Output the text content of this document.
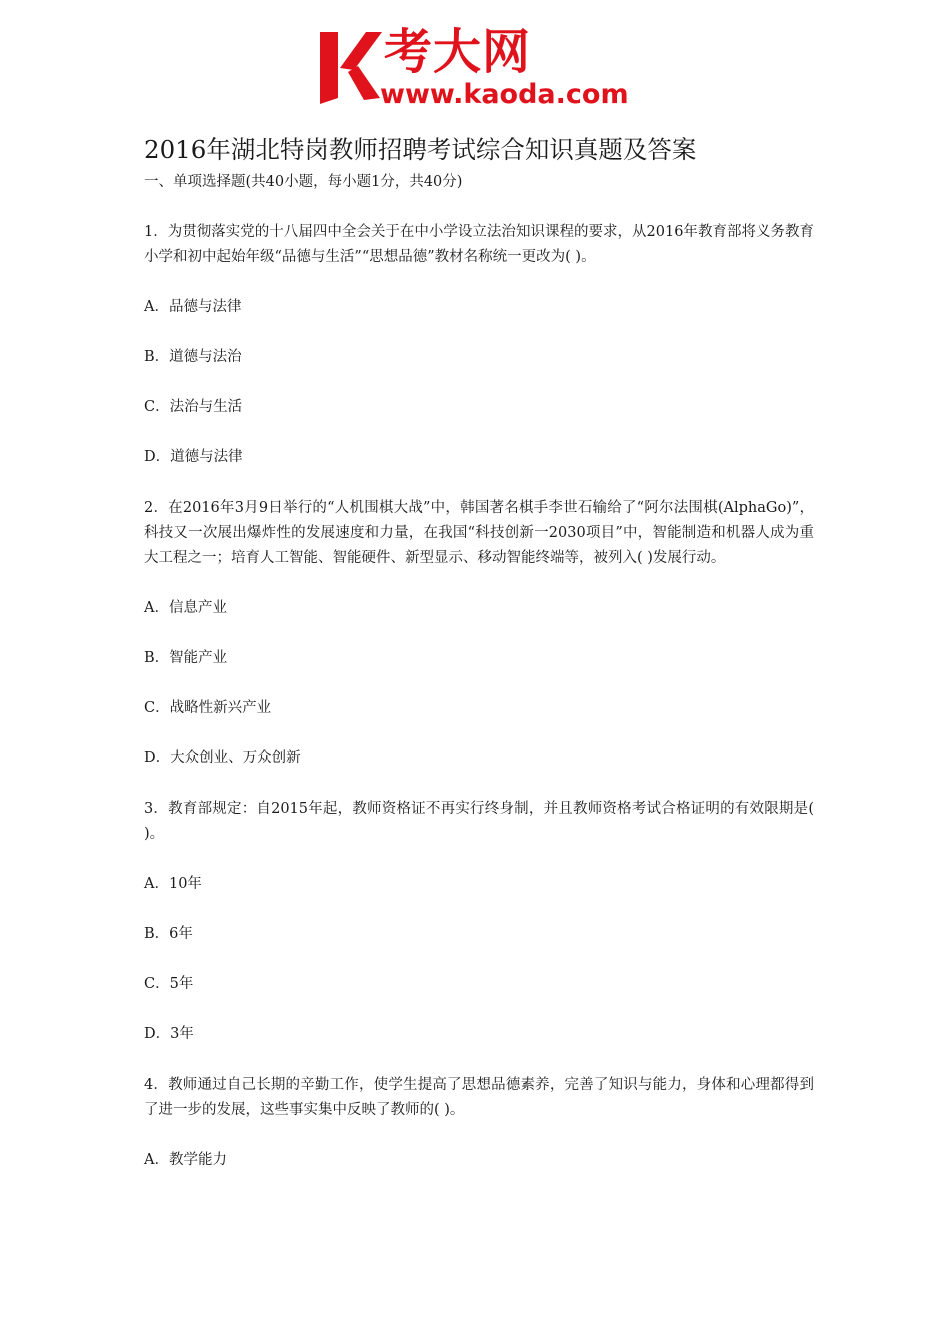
考大网
www.kaoda.com
2016年湖北特岗教师招聘考试综合知识真题及答案

一、单项选择题(共40小题，每小题1分，共40分)

1．为贯彻落实党的十八届四中全会关于在中小学设立法治知识课程的要求，从2016年教育部将义务教育小学和初中起始年级“品德与生活”“思想品德”教材名称统一更改为( )。

A．品德与法律

B．道德与法治

C．法治与生活

D．道德与法律

2．在2016年3月9日举行的“人机围棋大战”中，韩国著名棋手李世石输给了“阿尔法围棋(AlphaGo)”，科技又一次展出爆炸性的发展速度和力量，在我国“科技创新一2030项目”中，智能制造和机器人成为重大工程之一；培育人工智能、智能硬件、新型显示、移动智能终端等，被列入( )发展行动。

A．信息产业

B．智能产业

C．战略性新兴产业

D．大众创业、万众创新

3．教育部规定：自2015年起，教师资格证不再实行终身制，并且教师资格考试合格证明的有效限期是( )。

A．10年

B．6年

C．5年

D．3年

4．教师通过自己长期的辛勤工作，使学生提高了思想品德素养，完善了知识与能力，身体和心理都得到了进一步的发展，这些事实集中反映了教师的( )。

A．教学能力
